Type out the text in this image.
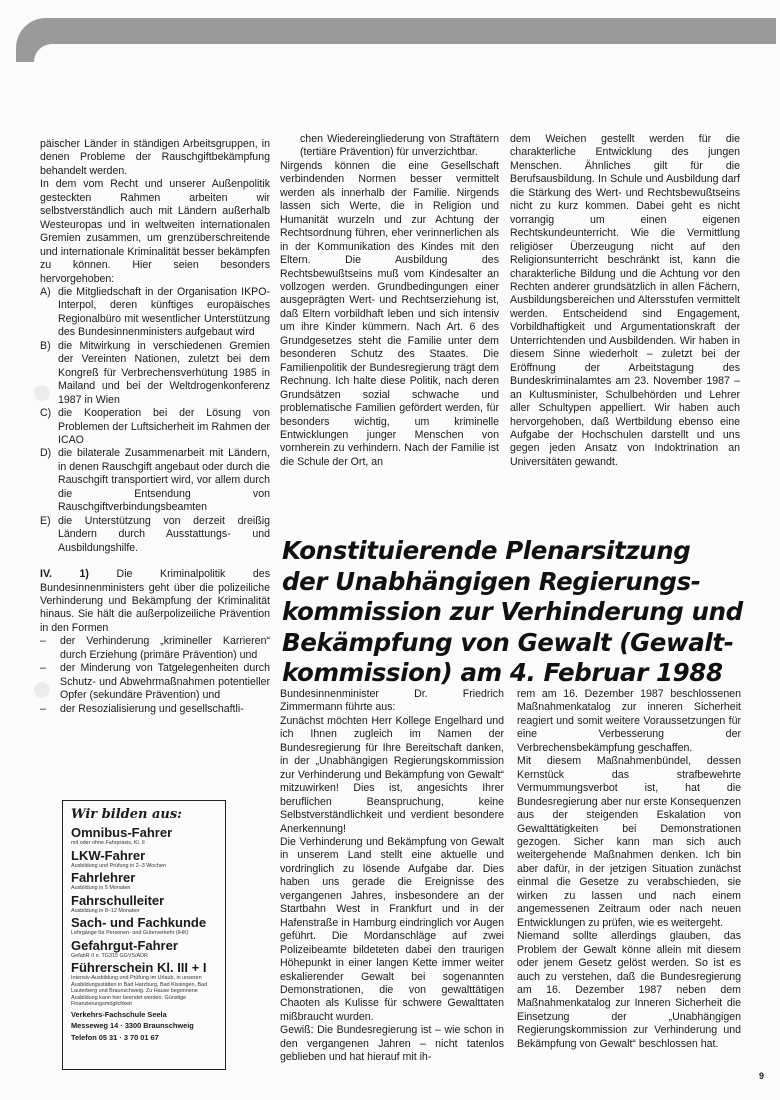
päischer Länder in ständigen Arbeitsgruppen, in denen Probleme der Rauschgiftbekämpfung behandelt werden.

In dem vom Recht und unserer Außenpolitik gesteckten Rahmen arbeiten wir selbstverständlich auch mit Ländern außerhalb Westeuropas und in weltweiten internationalen Gremien zusammen, um grenzüberschreitende und internationale Kriminalität besser bekämpfen zu können. Hier seien besonders hervorgehoben:

A) die Mitgliedschaft in der Organisation IKPO-Interpol, deren künftiges europäisches Regionalbüro mit wesentlicher Unterstützung des Bundesinnenministers aufgebaut wird
B) die Mitwirkung in verschiedenen Gremien der Vereinten Nationen, zuletzt bei dem Kongreß für Verbrechensverhütung 1985 in Mailand und bei der Weltdrogenkonferenz 1987 in Wien
C) die Kooperation bei der Lösung von Problemen der Luftsicherheit im Rahmen der ICAO
D) die bilaterale Zusammenarbeit mit Ländern, in denen Rauschgift angebaut oder durch die Rauschgift transportiert wird, vor allem durch die Entsendung von Rauschgiftverbindungsbeamten
E) die Unterstützung von derzeit dreißig Ländern durch Ausstattungs- und Ausbildungshilfe.

IV. 1)	Die Kriminalpolitik des Bundesinnenministers geht über die polizeiliche Verhinderung und Bekämpfung der Kriminalität hinaus. Sie hält die außerpolizeiliche Prävention in den Formen

– der Verhinderung „krimineller Karrieren“ durch Erziehung (primäre Prävention) und
– der Minderung von Tatgelegenheiten durch Schutz- und Abwehrmaßnahmen potentieller Opfer (sekundäre Prävention) und
– der Resozialisierung und gesellschaftli-

chen Wiedereingliederung von Straftätern (tertiäre Prävention) für unverzichtbar.

Nirgends können die eine Gesellschaft verbindenden Normen besser vermittelt werden als innerhalb der Familie. Nirgends lassen sich Werte, die in Religion und Humanität wurzeln und zur Achtung der Rechtsordnung führen, eher verinnerlichen als in der Kommunikation des Kindes mit den Eltern. Die Ausbildung des Rechtsbewußtseins muß vom Kindesalter an vollzogen werden. Grundbedingungen einer ausgeprägten Wert- und Rechtserziehung ist, daß Eltern vorbildhaft leben und sich intensiv um ihre Kinder kümmern. Nach Art. 6 des Grundgesetzes steht die Familie unter dem besonderen Schutz des Staates. Die Familienpolitik der Bundesregierung trägt dem Rechnung. Ich halte diese Politik, nach deren Grundsätzen sozial schwache und problematische Familien gefördert werden, für besonders wichtig, um kriminelle Entwicklungen junger Menschen von vornherein zu verhindern. Nach der Familie ist die Schule der Ort, an

dem Weichen gestellt werden für die charakterliche Entwicklung des jungen Menschen. Ähnliches gilt für die Berufsausbildung. In Schule und Ausbildung darf die Stärkung des Wert- und Rechtsbewußtseins nicht zu kurz kommen. Dabei geht es nicht vorrangig um einen eigenen Rechtskundeunterricht. Wie die Vermittlung religiöser Überzeugung nicht auf den Religionsunterricht beschränkt ist, kann die charakterliche Bildung und die Achtung vor den Rechten anderer grundsätzlich in allen Fächern, Ausbildungsbereichen und Altersstufen vermittelt werden. Entscheidend sind Engagement, Vorbildhaftigkeit und Argumentationskraft der Unterrichtenden und Ausbildenden. Wir haben in diesem Sinne wiederholt – zuletzt bei der Eröffnung der Arbeitstagung des Bundeskriminalamtes am 23. November 1987 – an Kultusminister, Schulbehörden und Lehrer aller Schultypen appelliert. Wir haben auch hervorgehoben, daß Wertbildung ebenso eine Aufgabe der Hochschulen darstellt und uns gegen jeden Ansatz von Indoktrination an Universitäten gewandt.

Konstituierende Plenarsitzung
der Unabhängigen Regierungs-
kommission zur Verhinderung und
Bekämpfung von Gewalt (Gewalt-
kommission) am 4. Februar 1988

Bundesinnenminister Dr. Friedrich Zimmermann führte aus:

Zunächst möchten Herr Kollege Engelhard und ich Ihnen zugleich im Namen der Bundesregierung für Ihre Bereitschaft danken, in der „Unabhängigen Regierungskommission zur Verhinderung und Bekämpfung von Gewalt“ mitzuwirken! Dies ist, angesichts Ihrer beruflichen Beanspruchung, keine Selbstverständlichkeit und verdient besondere Anerkennung!

Die Verhinderung und Bekämpfung von Gewalt in unserem Land stellt eine aktuelle und vordringlich zu lösende Aufgabe dar. Dies haben uns gerade die Ereignisse des vergangenen Jahres, insbesondere an der Startbahn West in Frankfurt und in der Hafenstraße in Hamburg eindringlich vor Augen geführt. Die Mordanschläge auf zwei Polizeibeamte bildeteten dabei den traurigen Höhepunkt in einer langen Kette immer weiter eskalierender Gewalt bei sogenannten Demonstrationen, die von gewalttätigen Chaoten als Kulisse für schwere Gewalttaten mißbraucht wurden.

Gewiß: Die Bundesregierung ist – wie schon in den vergangenen Jahren – nicht tatenlos geblieben und hat hierauf mit ih-

rem am 16. Dezember 1987 beschlossenen Maßnahmenkatalog zur inneren Sicherheit reagiert und somit weitere Voraussetzungen für eine Verbesserung der Verbrechensbekämpfung geschaffen.

Mit diesem Maßnahmenbündel, dessen Kernstück das strafbewehrte Vermummungsverbot ist, hat die Bundesregierung aber nur erste Konsequenzen aus der steigenden Eskalation von Gewalttätigkeiten bei Demonstrationen gezogen. Sicher kann man sich auch weitergehende Maßnahmen denken. Ich bin aber dafür, in der jetzigen Situation zunächst einmal die Gesetze zu verabschieden, sie wirken zu lassen und nach einem angemessenen Zeitraum oder nach neuen Entwicklungen zu prüfen, wie es weitergeht.

Niemand sollte allerdings glauben, das Problem der Gewalt könne allein mit diesem oder jenem Gesetz gelöst werden. So ist es auch zu verstehen, daß die Bundesregierung am 16. Dezember 1987 neben dem Maßnahmenkatalog zur Inneren Sicherheit die Einsetzung der „Unabhängigen Regierungskommission zur Verhinderung und Bekämpfung von Gewalt“ beschlossen hat.

Wir bilden aus:
Omnibus-Fahrer
mit oder ohne Fahrpraxis, Kl. II
LKW-Fahrer
Ausbildung und Prüfung in 2–3 Wochen
Fahrlehrer
Ausbildung in 5 Monaten
Fahrschulleiter
Ausbildung in 8–12 Monaten
Sach- und Fachkunde
Lehrgänge für Personen- und Güterverkehr (IHK)
Gefahrgut-Fahrer
GefahR II n. TG315 GGVS/ADR
Führerschein Kl. III + I
Intensiv-Ausbildung und Prüfung im Urlaub, in unseren Ausbildungsstätten in Bad Harzburg, Bad Kissingen, Bad Lauterberg und Braunschweig. Zu Hause begonnene Ausbildung kann hier beendet werden. Günstige Finanzierungsmöglichkeit
Verkehrs-Fachschule Seela
Messeweg 14 · 3300 Braunschweig
Telefon 05 31 · 3 70 01 67
9
